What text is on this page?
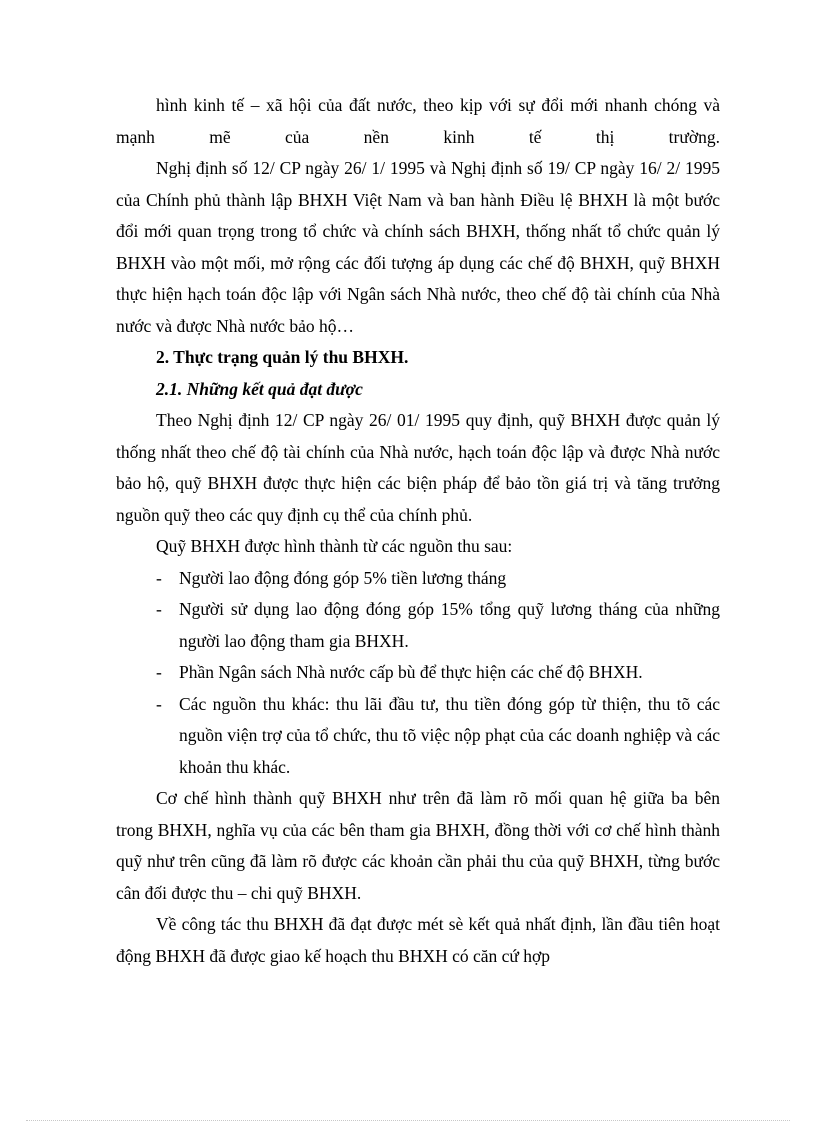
hình kinh tế – xã hội của đất nước, theo kịp với sự đổi mới nhanh chóng và mạnh mẽ của nền kinh tế thị trường.

Nghị định số 12/ CP ngày 26/ 1/ 1995 và Nghị định số 19/ CP ngày 16/ 2/ 1995 của Chính phủ thành lập BHXH Việt Nam và ban hành Điều lệ BHXH là một bước đổi mới quan trọng trong tổ chức và chính sách BHXH, thống nhất tổ chức quản lý BHXH vào một mối, mở rộng các đối tượng áp dụng các chế độ BHXH, quỹ BHXH thực hiện hạch toán độc lập với Ngân sách Nhà nước, theo chế độ tài chính của Nhà nước và được Nhà nước bảo hộ…

2. Thực trạng quản lý thu BHXH.

2.1. Những kết quả đạt được

Theo Nghị định 12/ CP ngày 26/ 01/ 1995 quy định, quỹ BHXH được quản lý thống nhất theo chế độ tài chính của Nhà nước, hạch toán độc lập và được Nhà nước bảo hộ, quỹ BHXH được thực hiện các biện pháp để bảo tồn giá trị và tăng trưởng nguồn quỹ theo các quy định cụ thể của chính phủ.

Quỹ BHXH được hình thành từ các nguồn thu sau:

- Người lao động đóng góp 5% tiền lương tháng

- Người sử dụng lao động đóng góp 15% tổng quỹ lương tháng của những người lao động tham gia BHXH.

- Phần Ngân sách Nhà nước cấp bù để thực hiện các chế độ BHXH.

- Các nguồn thu khác: thu lãi đầu tư, thu tiền đóng góp từ thiện, thu tõ các nguồn viện trợ của tổ chức, thu tõ việc nộp phạt của các doanh nghiệp và các khoản thu khác.

Cơ chế hình thành quỹ BHXH như trên đã làm rõ mối quan hệ giữa ba bên trong BHXH, nghĩa vụ của các bên tham gia BHXH, đồng thời với cơ chế hình thành quỹ như trên cũng đã làm rõ được các khoản cần phải thu của quỹ BHXH, từng bước cân đối được thu – chi quỹ BHXH.

Về công tác thu BHXH đã đạt được mét sè kết quả nhất định, lần đầu tiên hoạt động BHXH đã được giao kế hoạch thu BHXH có căn cứ hợp
